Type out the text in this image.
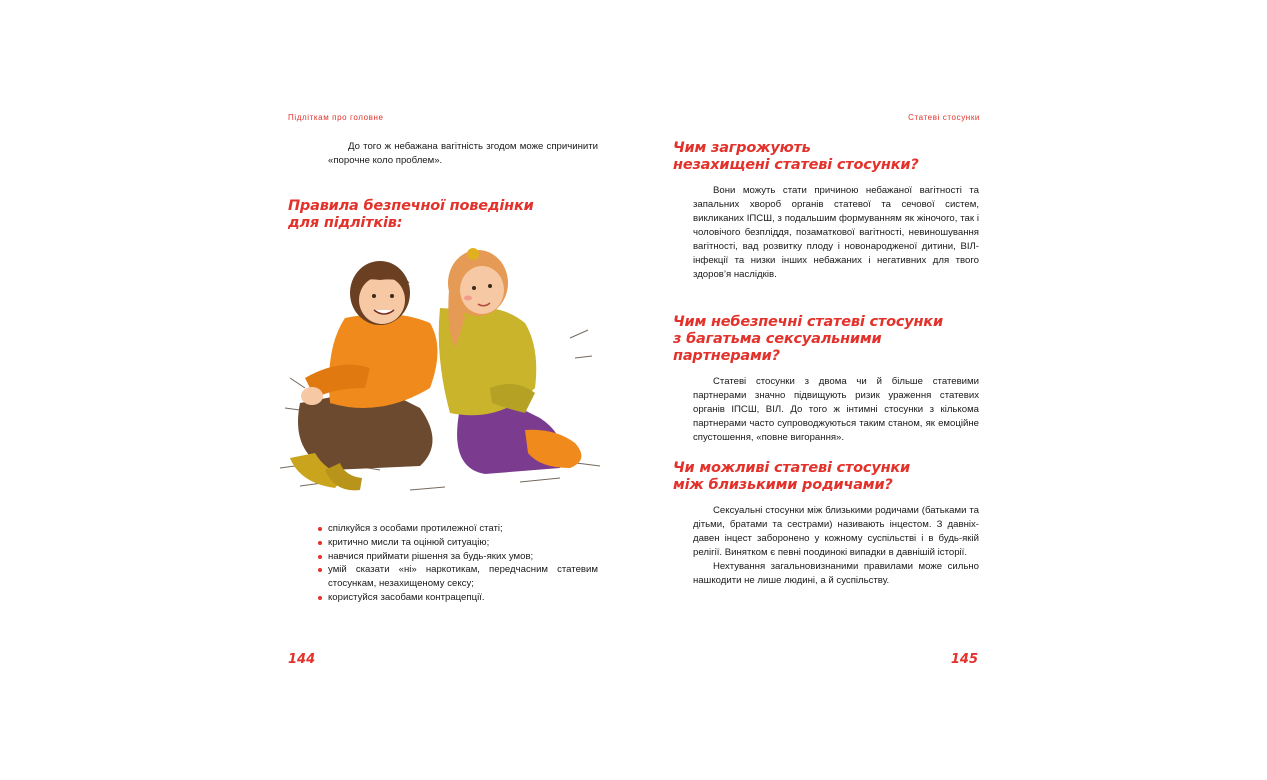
Підліткам про головне

До того ж небажана вагітність згодом може спричинити «порочне коло проблем».

Правила безпечної поведінки
для підлітків:
спілкуйся з особами протилежної статі;
критично мисли та оцінюй ситуацію;
навчися приймати рішення за будь-яких умов;
умій сказати «ні» наркотикам, передчасним статевим стосункам, незахищеному сексу;
користуйся засобами контрацепції.
144
Статеві стосунки
Чим загрожують
незахищені статеві стосунки?

Вони можуть стати причиною небажаної вагітності та запальних хвороб органів статевої та сечової систем, викликаних ІПСШ, з подальшим формуванням як жіночого, так і чоловічого безпліддя, позаматкової вагітності, невиношування вагітності, вад розвитку плоду і новонародженої дитини, ВІЛ-інфекції та низки інших небажаних і негативних для твого здоров’я наслідків.

Чим небезпечні статеві стосунки
з багатьма сексуальними партнерами?

Статеві стосунки з двома чи й більше статевими партнерами значно підвищують ризик ураження статевих органів ІПСШ, ВІЛ. До того ж інтимні стосунки з кількома партнерами часто супроводжуються таким станом, як емоційне спустошення, «повне вигорання».

Чи можливі статеві стосунки
між близькими родичами?

Сексуальні стосунки між близькими родичами (батьками та дітьми, братами та сестрами) називають інцестом. З давніх-давен інцест заборонено у кожному суспільстві і в будь-якій релігії. Винятком є певні поодинокі випадки в давнішій історії.

Нехтування загальновизнаними правилами може сильно нашкодити не лише людині, а й суспільству.

145
